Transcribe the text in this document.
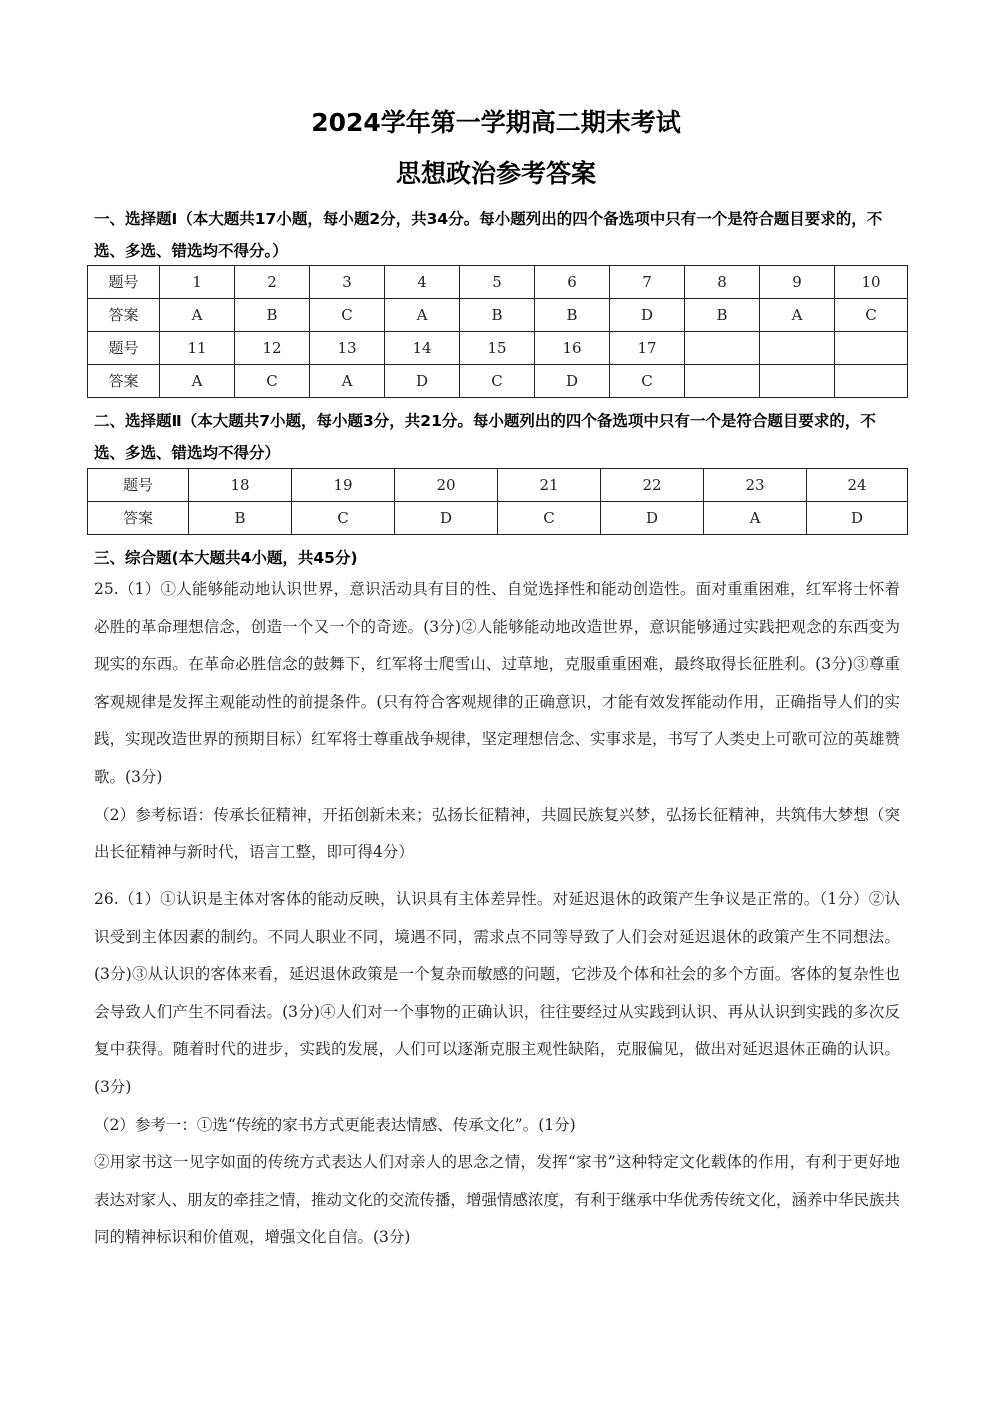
2024学年第一学期高二期末考试
思想政治参考答案
一、选择题Ⅰ（本大题共17小题，每小题2分，共34分。每小题列出的四个备选项中只有一个是符合题目要求的，不选、多选、错选均不得分。）
题号	1	2	3	4	5	6	7	8	9	10
答案	A	B	C	A	B	B	D	B	A	C
题号	11	12	13	14	15	16	17			
答案	A	C	A	D	C	D	C			
二、选择题Ⅱ（本大题共7小题，每小题3分，共21分。每小题列出的四个备选项中只有一个是符合题目要求的，不选、多选、错选均不得分）
题号	18	19	20	21	22	23	24
答案	B	C	D	C	D	A	D
三、综合题(本大题共4小题，共45分)
25.（1）①人能够能动地认识世界，意识活动具有目的性、自觉选择性和能动创造性。面对重重困难，红军将士怀着必胜的革命理想信念，创造一个又一个的奇迹。(3分)②人能够能动地改造世界，意识能够通过实践把观念的东西变为现实的东西。在革命必胜信念的鼓舞下，红军将士爬雪山、过草地，克服重重困难，最终取得长征胜利。(3分)③尊重客观规律是发挥主观能动性的前提条件。(只有符合客观规律的正确意识，才能有效发挥能动作用，正确指导人们的实践，实现改造世界的预期目标）红军将士尊重战争规律，坚定理想信念、实事求是，书写了人类史上可歌可泣的英雄赞歌。(3分)
（2）参考标语：传承长征精神，开拓创新未来；弘扬长征精神，共圆民族复兴梦，弘扬长征精神，共筑伟大梦想（突出长征精神与新时代，语言工整，即可得4分）
26.（1）①认识是主体对客体的能动反映，认识具有主体差异性。对延迟退休的政策产生争议是正常的。（1分）②认识受到主体因素的制约。不同人职业不同，境遇不同，需求点不同等导致了人们会对延迟退休的政策产生不同想法。(3分)③从认识的客体来看，延迟退休政策是一个复杂而敏感的问题，它涉及个体和社会的多个方面。客体的复杂性也会导致人们产生不同看法。(3分)④人们对一个事物的正确认识，往往要经过从实践到认识、再从认识到实践的多次反复中获得。随着时代的进步，实践的发展，人们可以逐渐克服主观性缺陷，克服偏见，做出对延迟退休正确的认识。(3分)
（2）参考一：①选“传统的家书方式更能表达情感、传承文化”。(1分)
②用家书这一见字如面的传统方式表达人们对亲人的思念之情，发挥“家书”这种特定文化载体的作用，有利于更好地表达对家人、朋友的牵挂之情，推动文化的交流传播，增强情感浓度，有利于继承中华优秀传统文化，涵养中华民族共同的精神标识和价值观，增强文化自信。(3分)
